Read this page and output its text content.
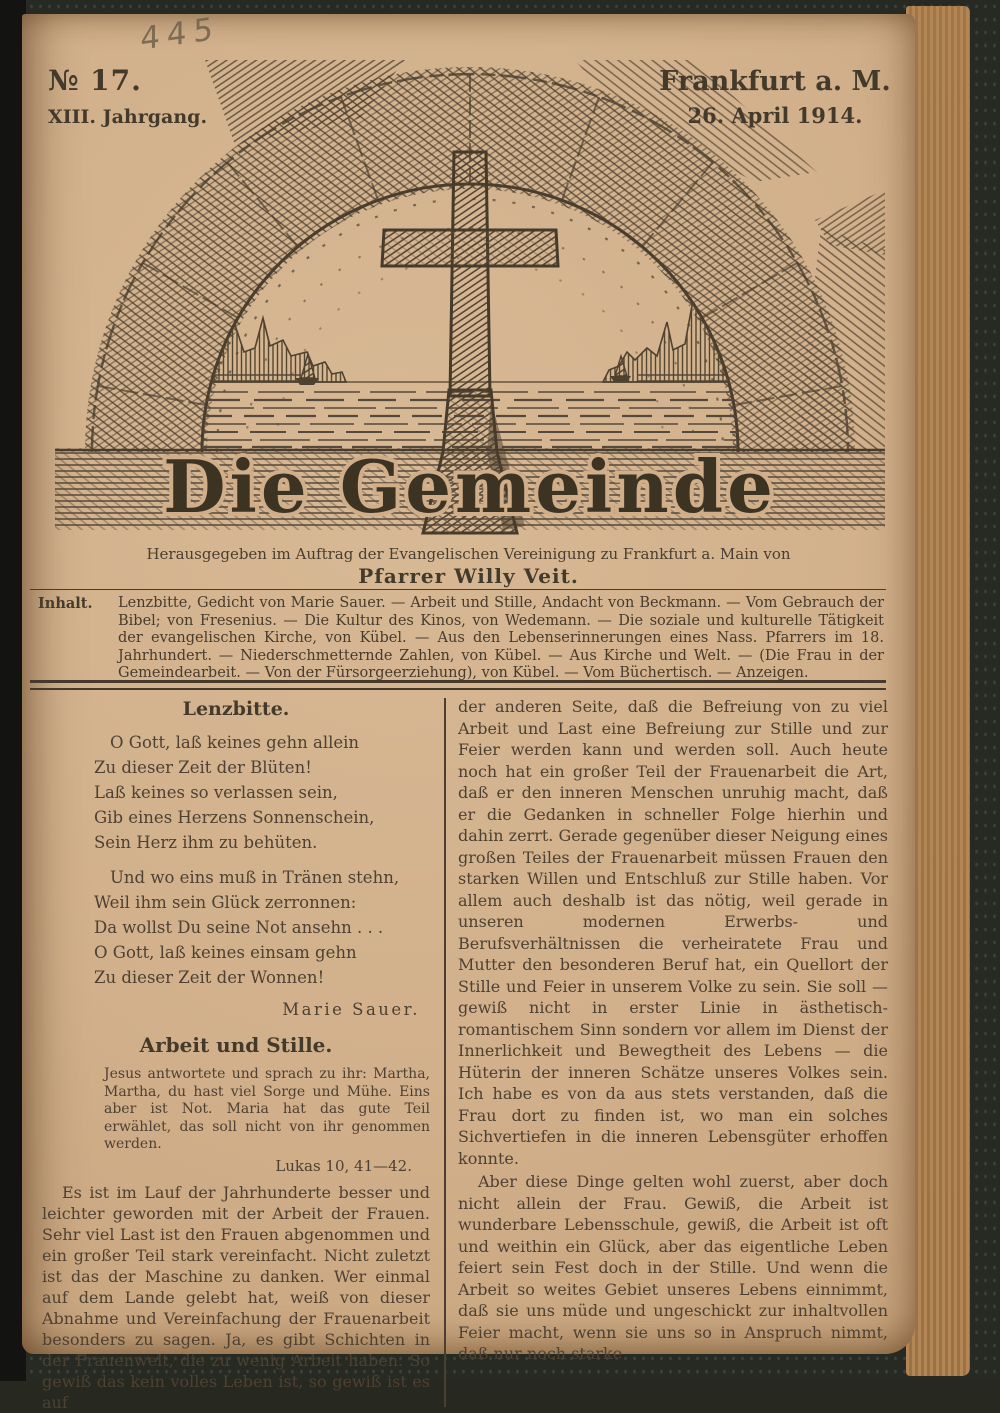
445
№ 17.
XIII. Jahrgang.
Frankfurt a. M.
26. April 1914.
Die Gemeinde
Herausgegeben im Auftrag der Evangelischen Vereinigung zu Frankfurt a. Main von
Pfarrer Willy Veit.
Inhalt. Lenzbitte, Gedicht von Marie Sauer. — Arbeit und Stille, Andacht von Beckmann. — Vom Gebrauch der Bibel; von Fresenius. — Die Kultur des Kinos, von Wedemann. — Die soziale und kulturelle Tätigkeit der evangelischen Kirche, von Kübel. — Aus den Lebenserinnerungen eines Nass. Pfarrers im 18. Jahrhundert. — Niederschmetternde Zahlen, von Kübel. — Aus Kirche und Welt. — (Die Frau in der Gemeindearbeit. — Von der Fürsorgeerziehung), von Kübel. — Vom Büchertisch. — Anzeigen.
Lenzbitte.
O Gott, laß keines gehn allein
Zu dieser Zeit der Blüten!
Laß keines so verlassen sein,
Gib eines Herzens Sonnenschein,
Sein Herz ihm zu behüten.
Und wo eins muß in Tränen stehn,
Weil ihm sein Glück zerronnen:
Da wollst Du seine Not ansehn . . .
O Gott, laß keines einsam gehn
Zu dieser Zeit der Wonnen!
Marie Sauer.
Arbeit und Stille.
Jesus antwortete und sprach zu ihr: Martha, Martha, du hast viel Sorge und Mühe. Eins aber ist Not. Maria hat das gute Teil erwählet, das soll nicht von ihr genommen werden.
Lukas 10, 41—42.
Es ist im Lauf der Jahrhunderte besser und leichter geworden mit der Arbeit der Frauen. Sehr viel Last ist den Frauen abgenommen und ein großer Teil stark vereinfacht. Nicht zuletzt ist das der Maschine zu danken. Wer einmal auf dem Lande gelebt hat, weiß von dieser Abnahme und Vereinfachung der Frauenarbeit besonders zu sagen. Ja, es gibt Schichten in der Frauenwelt, die zu wenig Arbeit haben. So gewiß das kein volles Leben ist, so gewiß ist es auf
der anderen Seite, daß die Befreiung von zu viel Arbeit und Last eine Befreiung zur Stille und zur Feier werden kann und werden soll. Auch heute noch hat ein großer Teil der Frauenarbeit die Art, daß er den inneren Menschen unruhig macht, daß er die Gedanken in schneller Folge hierhin und dahin zerrt. Gerade gegenüber dieser Neigung eines großen Teiles der Frauenarbeit müssen Frauen den starken Willen und Entschluß zur Stille haben. Vor allem auch deshalb ist das nötig, weil gerade in unseren modernen Erwerbs- und Berufsverhältnissen die verheiratete Frau und Mutter den besonderen Beruf hat, ein Quellort der Stille und Feier in unserem Volke zu sein. Sie soll — gewiß nicht in erster Linie in ästhetisch-romantischem Sinn sondern vor allem im Dienst der Innerlichkeit und Bewegtheit des Lebens — die Hüterin der inneren Schätze unseres Volkes sein. Ich habe es von da aus stets verstanden, daß die Frau dort zu finden ist, wo man ein solches Sichvertiefen in die inneren Lebensgüter erhoffen konnte.
Aber diese Dinge gelten wohl zuerst, aber doch nicht allein der Frau. Gewiß, die Arbeit ist wunderbare Lebensschule, gewiß, die Arbeit ist oft und weithin ein Glück, aber das eigentliche Leben feiert sein Fest doch in der Stille. Und wenn die Arbeit so weites Gebiet unseres Lebens einnimmt, daß sie uns müde und ungeschickt zur inhaltvollen Feier macht, wenn sie uns so in Anspruch nimmt, daß nur noch starke
